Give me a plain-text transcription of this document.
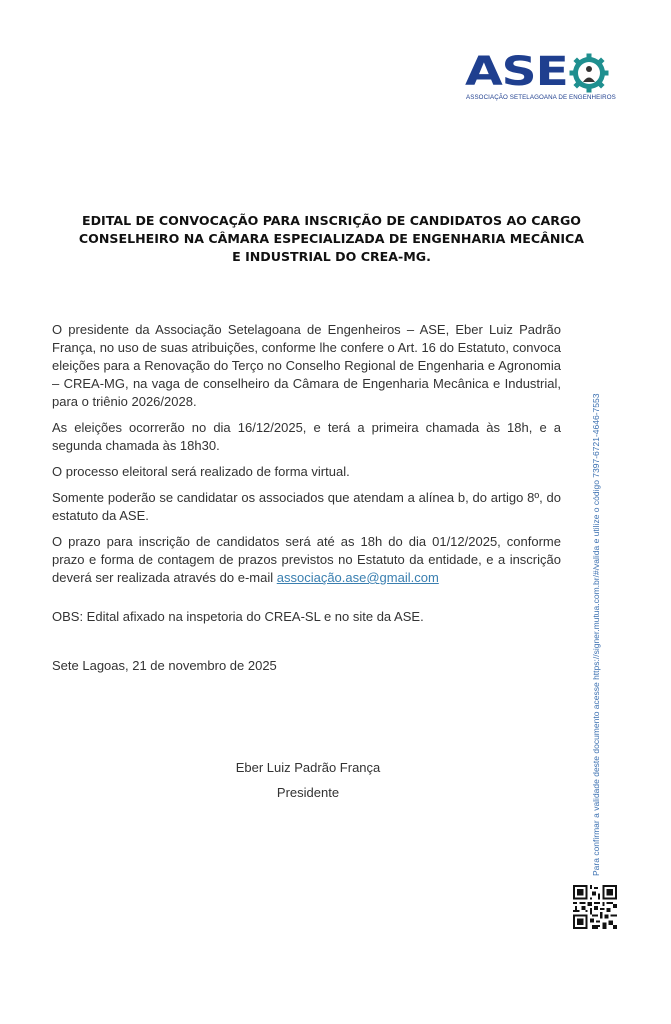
ASE
ASSOCIAÇÃO SETELAGOANA DE ENGENHEIROS
EDITAL DE CONVOCAÇÃO PARA INSCRIÇÃO DE CANDIDATOS AO CARGO
CONSELHEIRO NA CÂMARA ESPECIALIZADA DE ENGENHARIA MECÂNICA
E INDUSTRIAL DO CREA-MG.

O presidente da Associação Setelagoana de Engenheiros – ASE, Eber Luiz Padrão França, no uso de suas atribuições, conforme lhe confere o Art. 16 do Estatuto, convoca eleições para a Renovação do Terço no Conselho Regional de Engenharia e Agronomia – CREA-MG, na vaga de conselheiro da Câmara de Engenharia Mecânica e Industrial, para o triênio 2026/2028.

As eleições ocorrerão no dia 16/12/2025, e terá a primeira chamada às 18h, e a segunda chamada às 18h30.

O processo eleitoral será realizado de forma virtual.

Somente poderão se candidatar os associados que atendam a alínea b, do artigo 8º, do estatuto da ASE.

O prazo para inscrição de candidatos será até as 18h do dia 01/12/2025, conforme prazo e forma de contagem de prazos previstos no Estatuto da entidade, e a inscrição deverá ser realizada através do e-mail associação.ase@gmail.com

OBS: Edital afixado na inspetoria do CREA-SL e no site da ASE.
Sete Lagoas, 21 de novembro de 2025
Eber Luiz Padrão França
Presidente	Para confirmar a validade deste documento acesse https://signer.mutua.com.br/#/valida e utilize o código 7397-6721-4646-7553
